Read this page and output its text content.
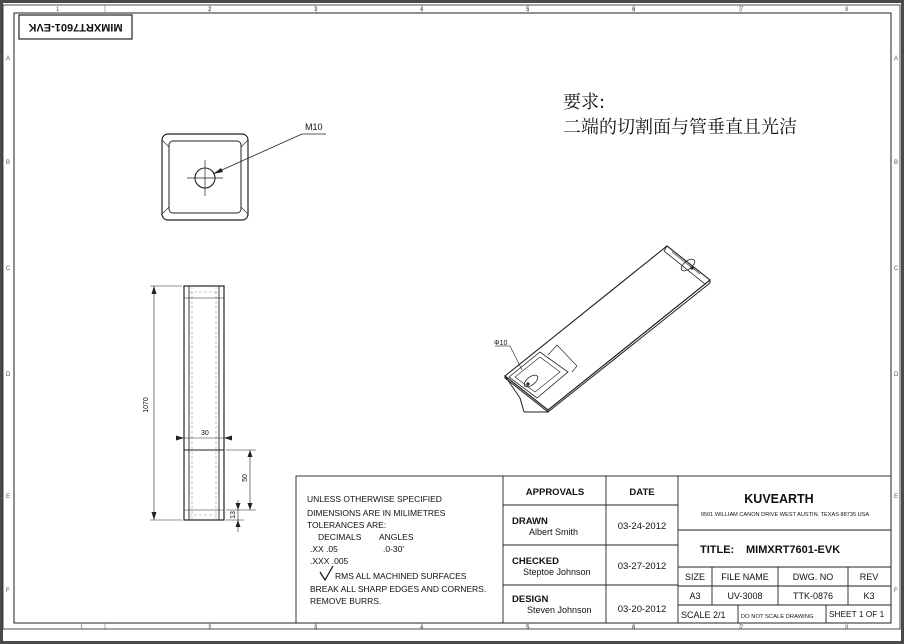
1	2	3	4	5	6	7	8
1	2	3	4	5	6	7	8
A
B
C
D
E
F
A
B
C
D
E
F
MIMXRT7601-EVK
要求:
二端的切割面与管垂直且光洁
M10
1070
30
50
13
Φ10
UNLESS OTHERWISE SPECIFIED
DIMENSIONS ARE IN MILIMETRES
TOLERANCES ARE:
DECIMALS ANGLES
.XX .05	.0-30'
.XXX .005
RMS ALL MACHINED SURFACES
BREAK ALL SHARP EDGES AND CORNERS.
REMOVE BURRS.
APPROVALS	DATE
DRAWN
Albert Smith	03-24-2012
CHECKED
Steptoe Johnson	03-27-2012
DESIGN
Steven Johnson	03-20-2012
KUVEARTH
9501 WILLIAM CANON DRIVE WEST AUSTIN. TEXAS 88735 USA
TITLE: MIMXRT7601-EVK
SIZE FILE NAME	DWG. NO	REV
A3	UV-3008	TTK-0876	K3
SCALE 2/1	DO NOT SCALE DRAWING SHEET 1 OF 1
